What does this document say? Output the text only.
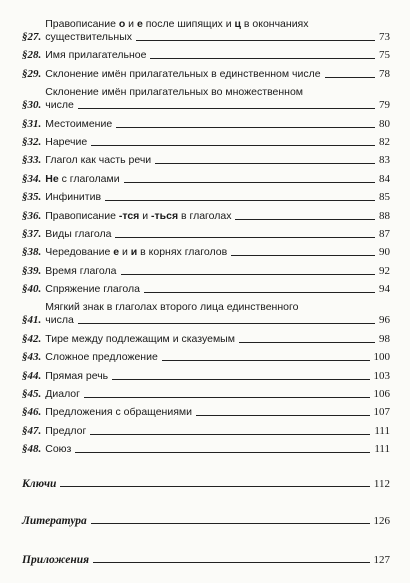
§27.
Правописание о и е после шипящих и ц в окончаниях
существительных	73
§28. Имя прилагательное	75
§29. Склонение имён прилагательных в единственном числе	78
§30.
Склонение имён прилагательных во множественном
числе	79
§31. Местоимение	80
§32. Наречие	82
§33. Глагол как часть речи	83
§34. Не с глаголами	84
§35. Инфинитив	85
§36. Правописание -тся и -ться в глаголах	88
§37. Виды глагола	87
§38. Чередование е и и в корнях глаголов	90
§39. Время глагола	92
§40. Спряжение глагола	94
§41.
Мягкий знак в глаголах второго лица единственного
числа	96
§42. Тире между подлежащим и сказуемым	98
§43. Сложное предложение	100
§44. Прямая речь	103
§45. Диалог	106
§46. Предложения с обращениями	107
§47. Предлог	111
§48. Союз	111
Ключи	112
Литература	126
Приложения	127
